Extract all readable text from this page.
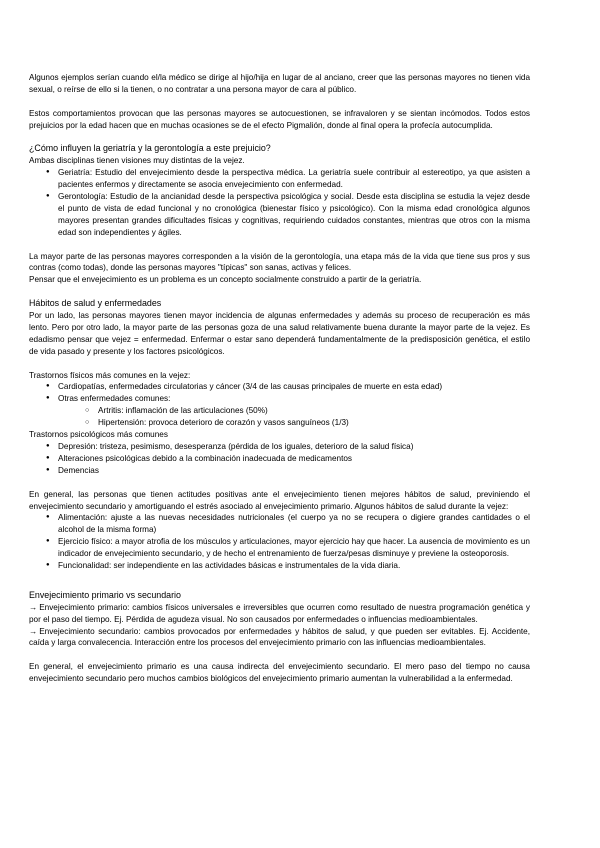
Algunos ejemplos serían cuando el/la médico se dirige al hijo/hija en lugar de al anciano, creer que las personas mayores no tienen vida sexual, o reírse de ello si la tienen, o no contratar a una persona mayor de cara al público.

Estos comportamientos provocan que las personas mayores se autocuestionen, se infravaloren y se sientan incómodos. Todos estos prejuicios por la edad hacen que en muchas ocasiones se de el efecto Pigmalión, donde al final opera la profecía autocumplida.

¿Cómo influyen la geriatría y la gerontología a este prejuicio?

Ambas disciplinas tienen visiones muy distintas de la vejez.

● Geriatría: Estudio del envejecimiento desde la perspectiva médica. La geriatría suele contribuir al estereotipo, ya que asisten a pacientes enfermos y directamente se asocia envejecimiento con enfermedad.
● Gerontología: Estudio de la ancianidad desde la perspectiva psicológica y social. Desde esta disciplina se estudia la vejez desde el punto de vista de edad funcional y no cronológica (bienestar físico y psicológico). Con la misma edad cronológica algunos mayores presentan grandes dificultades físicas y cognitivas, requiriendo cuidados constantes, mientras que otros con la misma edad son independientes y ágiles.

La mayor parte de las personas mayores corresponden a la visión de la gerontología, una etapa más de la vida que tiene sus pros y sus contras (como todas), donde las personas mayores "típicas" son sanas, activas y felices.

Pensar que el envejecimiento es un problema es un concepto socialmente construido a partir de la geriatría.

Hábitos de salud y enfermedades

Por un lado, las personas mayores tienen mayor incidencia de algunas enfermedades y además su proceso de recuperación es más lento. Pero por otro lado, la mayor parte de las personas goza de una salud relativamente buena durante la mayor parte de la vejez. Es edadismo pensar que vejez = enfermedad. Enfermar o estar sano dependerá fundamentalmente de la predisposición genética, el estilo de vida pasado y presente y los factores psicológicos.

Trastornos físicos más comunes en la vejez:

● Cardiopatías, enfermedades circulatorias y cáncer (3/4 de las causas principales de muerte en esta edad)
● Otras enfermedades comunes:
○ Artritis: inflamación de las articulaciones (50%)
○ Hipertensión: provoca deterioro de corazón y vasos sanguíneos (1/3)

Trastornos psicológicos más comunes

● Depresión: tristeza, pesimismo, desesperanza (pérdida de los iguales, deterioro de la salud física)
● Alteraciones psicológicas debido a la combinación inadecuada de medicamentos
● Demencias

En general, las personas que tienen actitudes positivas ante el envejecimiento tienen mejores hábitos de salud, previniendo el envejecimiento secundario y amortiguando el estrés asociado al envejecimiento primario. Algunos hábitos de salud durante la vejez:

● Alimentación: ajuste a las nuevas necesidades nutricionales (el cuerpo ya no se recupera o digiere grandes cantidades o el alcohol de la misma forma)
● Ejercicio físico: a mayor atrofia de los músculos y articulaciones, mayor ejercicio hay que hacer. La ausencia de movimiento es un indicador de envejecimiento secundario, y de hecho el entrenamiento de fuerza/pesas disminuye y previene la osteoporosis.
● Funcionalidad: ser independiente en las actividades básicas e instrumentales de la vida diaria.

Envejecimiento primario vs secundario

→ Envejecimiento primario: cambios físicos universales e irreversibles que ocurren como resultado de nuestra programación genética y por el paso del tiempo. Ej. Pérdida de agudeza visual. No son causados por enfermedades o influencias medioambientales.

→ Envejecimiento secundario: cambios provocados por enfermedades y hábitos de salud, y que pueden ser evitables. Ej. Accidente, caída y larga convalecencia. Interacción entre los procesos del envejecimiento primario con las influencias medioambientales.

En general, el envejecimiento primario es una causa indirecta del envejecimiento secundario. El mero paso del tiempo no causa envejecimiento secundario pero muchos cambios biológicos del envejecimiento primario aumentan la vulnerabilidad a la enfermedad.
